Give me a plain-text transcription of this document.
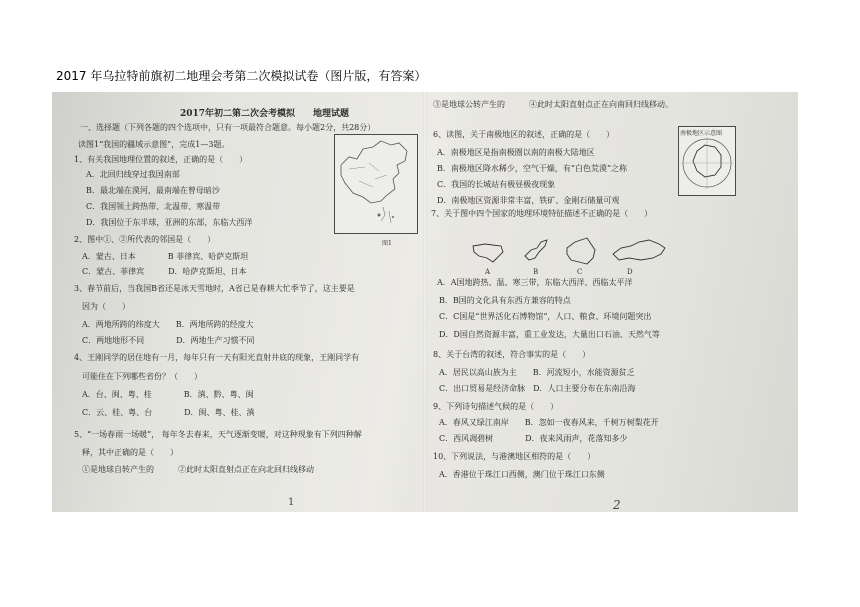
2017 年乌拉特前旗初二地理会考第二次模拟试卷（图片版，有答案）
2017年初二第二次会考模拟　　地理试题
一、选择题（下列各题的四个选项中，只有一项最符合题意。每小题2分，共28分）
读图1“我国的疆域示意图”，完成1—3题。
1、有关我国地理位置的叙述，正确的是（　　）
A．北回归线穿过我国南部
B．最北端在漠河，最南端在曾母暗沙
C．我国领土跨热带、北温带、寒温带
D．我国位于东半球，亚洲的东部，东临大西洋
2、图中①、②所代表的邻国是（　　）
A．蒙古、日本　　　　B 菲律宾、哈萨克斯坦
C．蒙古、菲律宾　　　D．哈萨克斯坦、日本
3、春节前后，当我国B省还是冰天雪地时，A省已是春耕大忙季节了，这主要是
因为（　　）
A．两地所跨的纬度大　　B．两地所跨的经度大
C．两地地形不同　　　　D．两地生产习惯不同
4、王刚同学的居住地有一月，每年只有一天有阳光直射井底的现象，王刚同学有
可能住在下列哪些省份？（　　）
A．台、闽、粤、桂　　　　B．滇、黔、粤、闽
C．云、桂、粤、台　　　　D．闽、粤、桂、滇
5、“一场春雨一场暖”， 每年冬去春来，天气逐渐变暖，对这种现象有下列四种解
释，其中正确的是（　　）
①是地球自转产生的　　　②此时太阳直射点正在向北回归线移动
图1
1
③是地球公转产生的　　　④此时太阳直射点正在向南回归线移动。
6、读图，关于南极地区的叙述，正确的是（　　）
A．南极地区是指南极圈以南的南极大陆地区
B．南极地区降水稀少，空气干燥，有“白色荒漠”之称
C．我国的长城站有极昼极夜现象
D．南极地区资源非常丰富，铁矿、金刚石储量可观
7、关于图中四个国家的地理环境特征描述不正确的是（　　）
南极地区示意图
A	B	C	D
A．A国地跨热、温、寒三带，东临大西洋、西临太平洋
B．B国的文化具有东西方兼容的特点
C．C国是“世界活化石博物馆”，人口、粮食、环境问题突出
D．D国自然资源丰富，重工业发达，大量出口石油、天然气等
8、关于台湾的叙述，符合事实的是（　　）
A．居民以高山族为主　　B．河流短小，水能资源贫乏
C．出口贸易是经济命脉　D．人口主要分布在东南沿海
9、下列诗句描述气候的是（　　）
A．春风又绿江南岸　　B．忽如一夜春风来，千树万树梨花开
C．西风凋碧树　　　　D．夜来风雨声，花落知多少
10、下列说法，与港澳地区相符的是（　　）
A．香港位于珠江口西侧，澳门位于珠江口东侧
2
